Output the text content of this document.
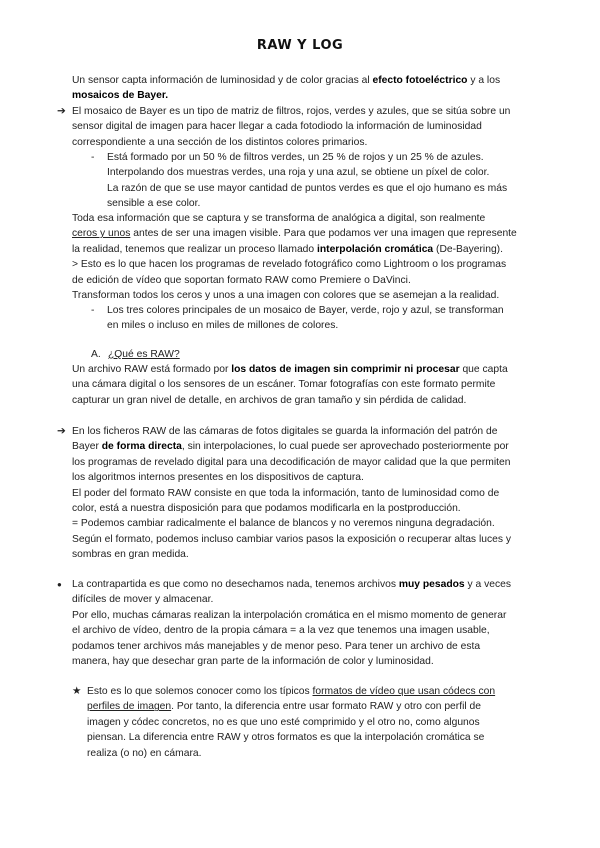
RAW Y LOG
Un sensor capta información de luminosidad y de color gracias al efecto fotoeléctrico y a los
mosaicos de Bayer.
➔ El mosaico de Bayer es un tipo de matriz de filtros, rojos, verdes y azules, que se sitúa sobre un
sensor digital de imagen para hacer llegar a cada fotodiodo la información de luminosidad
correspondiente a una sección de los distintos colores primarios.
- Está formado por un 50 % de filtros verdes, un 25 % de rojos y un 25 % de azules.
Interpolando dos muestras verdes, una roja y una azul, se obtiene un píxel de color.
La razón de que se use mayor cantidad de puntos verdes es que el ojo humano es más
sensible a ese color.
Toda esa información que se captura y se transforma de analógica a digital, son realmente
ceros y unos antes de ser una imagen visible. Para que podamos ver una imagen que represente
la realidad, tenemos que realizar un proceso llamado interpolación cromática (De-Bayering).
> Esto es lo que hacen los programas de revelado fotográfico como Lightroom o los programas
de edición de vídeo que soportan formato RAW como Premiere o DaVinci.
Transforman todos los ceros y unos a una imagen con colores que se asemejan a la realidad.
- Los tres colores principales de un mosaico de Bayer, verde, rojo y azul, se transforman
en miles o incluso en miles de millones de colores.
A. ¿Qué es RAW?
Un archivo RAW está formado por los datos de imagen sin comprimir ni procesar que capta
una cámara digital o los sensores de un escáner. Tomar fotografías con este formato permite
capturar un gran nivel de detalle, en archivos de gran tamaño y sin pérdida de calidad.
➔ En los ficheros RAW de las cámaras de fotos digitales se guarda la información del patrón de
Bayer de forma directa, sin interpolaciones, lo cual puede ser aprovechado posteriormente por
los programas de revelado digital para una decodificación de mayor calidad que la que permiten
los algoritmos internos presentes en los dispositivos de captura.
El poder del formato RAW consiste en que toda la información, tanto de luminosidad como de
color, está a nuestra disposición para que podamos modificarla en la postproducción.
= Podemos cambiar radicalmente el balance de blancos y no veremos ninguna degradación.
Según el formato, podemos incluso cambiar varios pasos la exposición o recuperar altas luces y
sombras en gran medida.
● La contrapartida es que como no desechamos nada, tenemos archivos muy pesados y a veces
difíciles de mover y almacenar.
Por ello, muchas cámaras realizan la interpolación cromática en el mismo momento de generar
el archivo de vídeo, dentro de la propia cámara = a la vez que tenemos una imagen usable,
podamos tener archivos más manejables y de menor peso. Para tener un archivo de esta
manera, hay que desechar gran parte de la información de color y luminosidad.
★ Esto es lo que solemos conocer como los típicos formatos de vídeo que usan códecs con
perfiles de imagen. Por tanto, la diferencia entre usar formato RAW y otro con perfil de
imagen y códec concretos, no es que uno esté comprimido y el otro no, como algunos
piensan. La diferencia entre RAW y otros formatos es que la interpolación cromática se
realiza (o no) en cámara.
